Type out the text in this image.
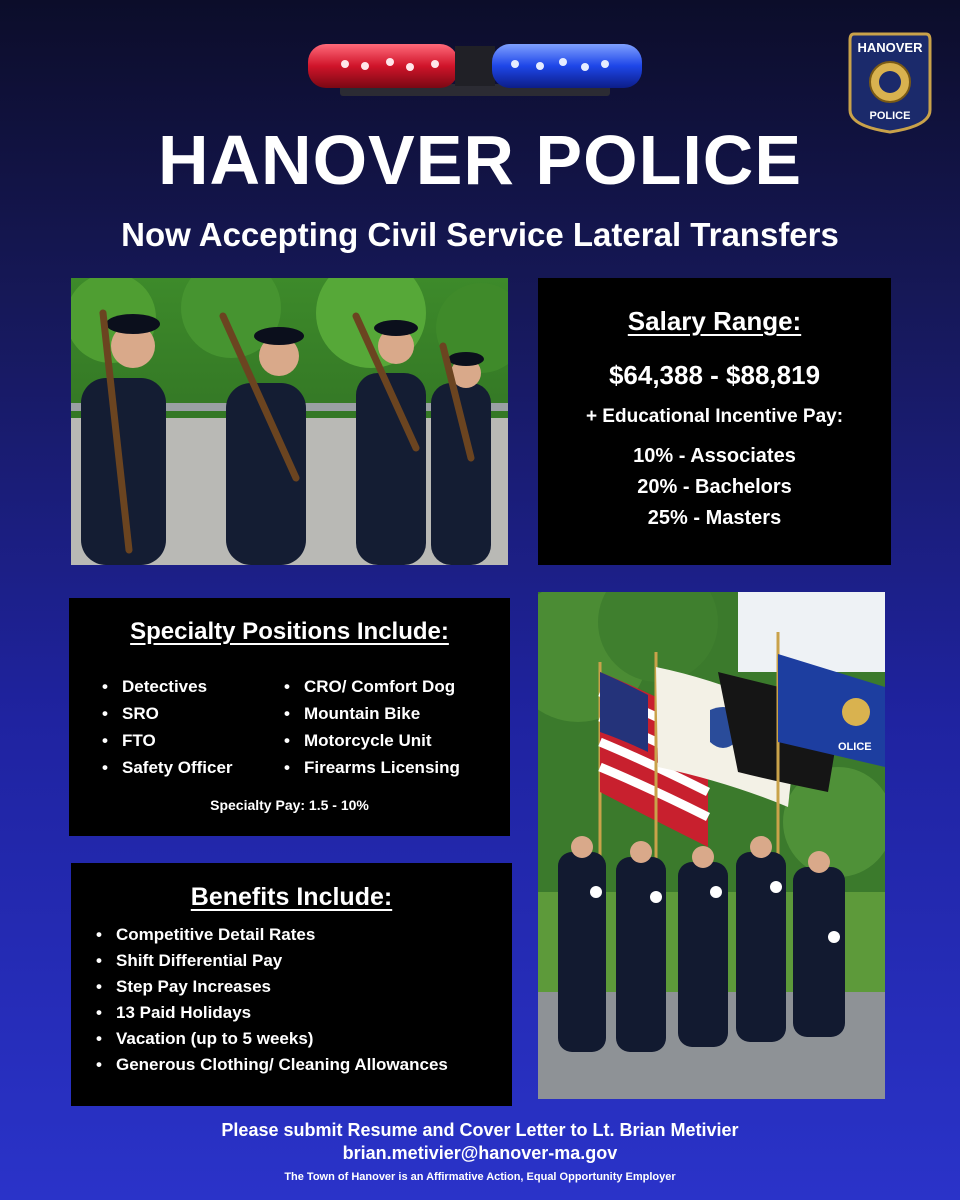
HANOVER
POLICE
HANOVER POLICE
Now Accepting Civil Service Lateral Transfers
Salary Range:
$64,388 - $88,819
+ Educational Incentive Pay:
10% - Associates
20% - Bachelors
25% - Masters
Specialty Positions Include:
• Detectives
• SRO
• FTO
• Safety Officer
• CRO/ Comfort Dog
• Mountain Bike
• Motorcycle Unit
• Firearms Licensing
Specialty Pay: 1.5 - 10%
OLICE
Benefits Include:
• Competitive Detail Rates
• Shift Differential Pay
• Step Pay Increases
• 13 Paid Holidays
• Vacation (up to 5 weeks)
• Generous Clothing/ Cleaning Allowances
Please submit Resume and Cover Letter to Lt. Brian Metivier
brian.metivier@hanover-ma.gov
The Town of Hanover is an Affirmative Action, Equal Opportunity Employer
